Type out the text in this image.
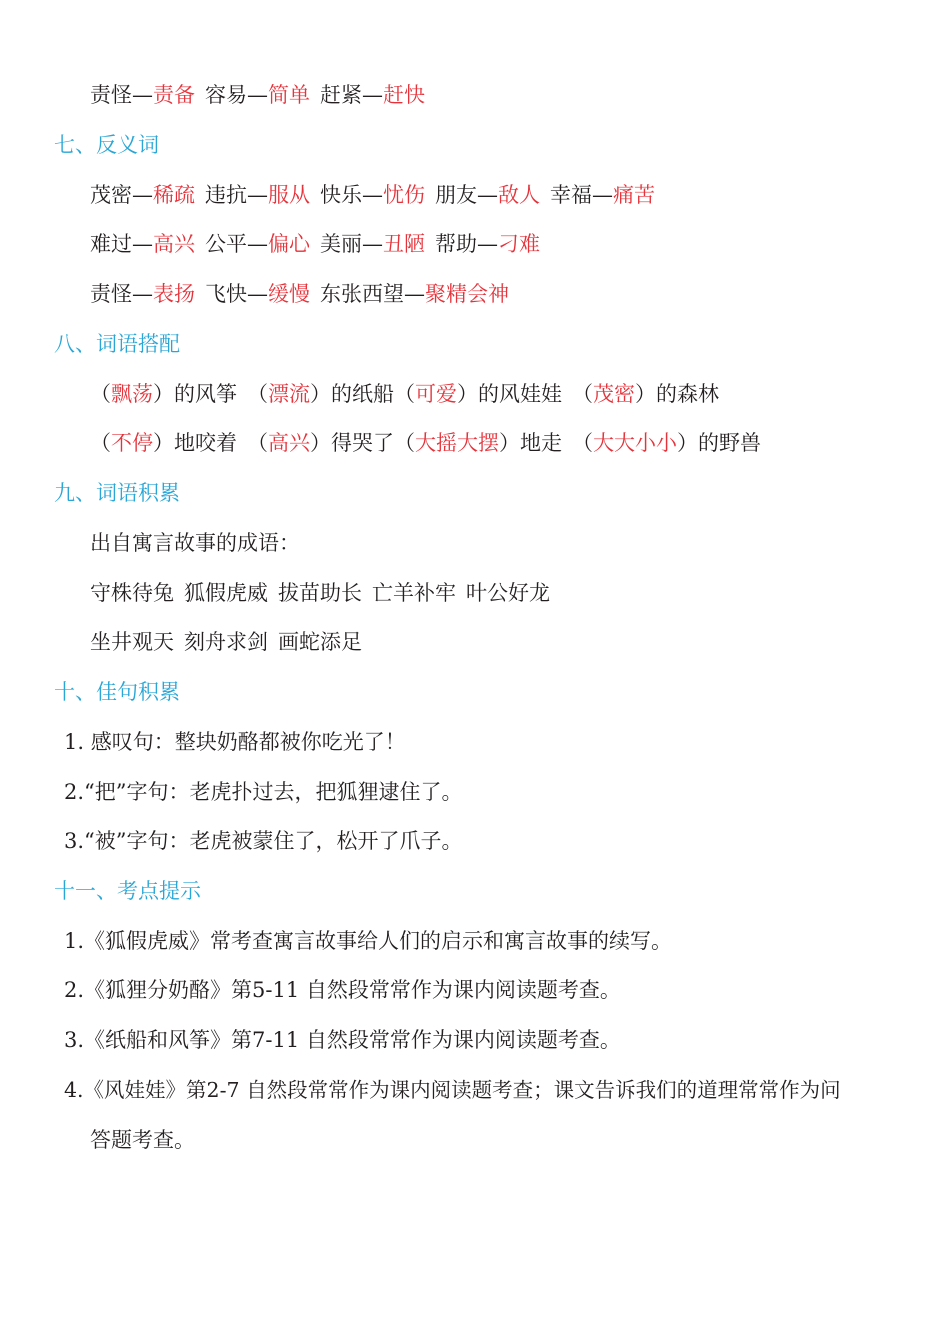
责怪—责备 容易—简单 赶紧—赶快
七、反义词
茂密—稀疏 违抗—服从 快乐—忧伤 朋友—敌人 幸福—痛苦
难过—高兴 公平—偏心 美丽—丑陋 帮助—刁难
责怪—表扬 飞快—缓慢 东张西望—聚精会神
八、词语搭配
（飘荡）的风筝 （漂流）的纸船（可爱）的风娃娃 （茂密）的森林
（不停）地咬着 （高兴）得哭了（大摇大摆）地走 （大大小小）的野兽
九、词语积累
出自寓言故事的成语：
守株待兔 狐假虎威 拔苗助长 亡羊补牢 叶公好龙
坐井观天 刻舟求剑 画蛇添足
十、佳句积累
1. 感叹句：整块奶酪都被你吃光了！
2.“把”字句：老虎扑过去，把狐狸逮住了。
3.“被”字句：老虎被蒙住了，松开了爪子。
十一、考点提示
1.《狐假虎威》常考查寓言故事给人们的启示和寓言故事的续写。
2.《狐狸分奶酪》第5-11 自然段常常作为课内阅读题考查。
3.《纸船和风筝》第7-11 自然段常常作为课内阅读题考查。
4.《风娃娃》第2-7 自然段常常作为课内阅读题考查；课文告诉我们的道理常常作为问
答题考查。
